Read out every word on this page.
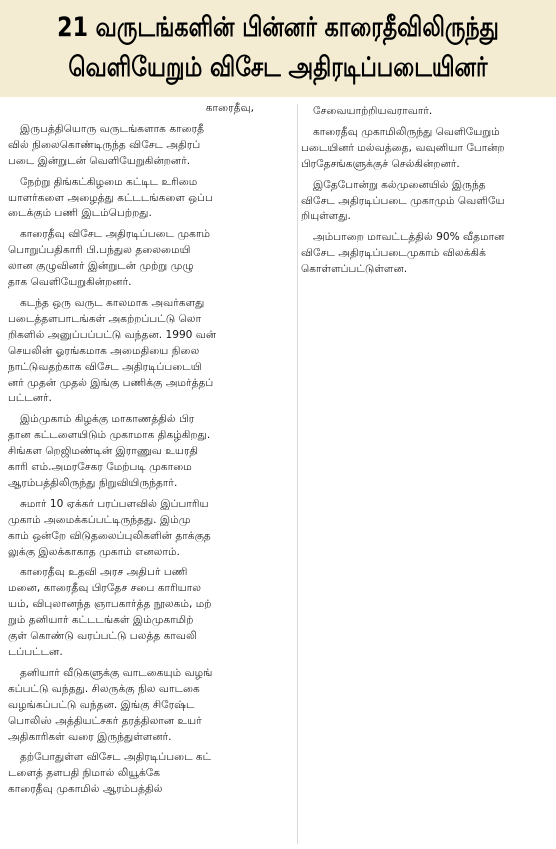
21 வருடங்களின் பின்னர் காரைதீவிலிருந்து
வெளியேறும் விசேட அதிரடிப்படையினர்

காரைதீவு,

இருபத்தியொரு வருடங்களாக காரைதீ
வில் நிலைகொண்டிருந்த விசேட அதிரப்
படை இன்றுடன் வெளியேறுகின்றனர்.

நேற்று திங்கட்கிழமை கட்டிட உரிமை
யாளர்களை அழைத்து கட்டடங்களை ஒப்ப
டைக்கும் பணி இடம்பெற்றது.

காரைதீவு விசேட அதிரடிப்படை முகாம்
பொறுப்பதிகாரி பி.பந்துல தலைமையி
லான குழுவினர் இன்றுடன் முற்று முழு
தாக வெளியேறுகின்றனர்.

கடந்த ஒரு வருட காலமாக அவர்களது
படைத்தளபாடங்கள் அகற்றப்பட்டு லொ
றிகளில் அனுப்பப்பட்டு வந்தன. 1990 வன்
செயலின் ஓரங்கமாக அமைதியை நிலை
நாட்டுவதற்காக விசேட அதிரடிப்படையி
னர் முதன் முதல் இங்கு பணிக்கு அமர்த்தப்
பட்டனர்.

இம்முகாம் கிழக்கு மாகாணத்தில் பிர
தான கட்டளையிடும் முகாமாக திகழ்கிறது.
சிங்கள றெஜிமண்டின் இராணுவ உயரதி
காரி எம்.அமரசேகர மேற்படி முகாமை
ஆரம்பத்திலிருந்து நிறுவியிருந்தார்.

சுமார் 10 ஏக்கர் பரப்பளவில் இப்பாரிய
முகாம் அமைக்கப்பட்டிருந்தது. இம்மு
காம் ஒன்றே விடுதலைப்புலிகளின் தாக்குத
லுக்கு இலக்காகாத முகாம் எனலாம்.

காரைதீவு உதவி அரச அதிபர் பணி
மனை, காரைதீவு பிரதேச சபை காரியால
யம், விபுலானந்த ஞாபகார்த்த நூலகம், மற்
றும் தனியார் கட்டடங்கள் இம்முகாமிற்
குள் கொண்டு வரப்பட்டு பலத்த காவலி
டப்பட்டன.

தனியார் வீடுகளுக்கு வாடகையும் வழங்
கப்பட்டு வந்தது. சிலருக்கு நில வாடகை
வழங்கப்பட்டு வந்தன. இங்கு சிரேஷ்ட
பொலிஸ் அத்தியட்சகர் தரத்திலான உயர்
அதிகாரிகள் வரை இருந்துள்ளனர்.

தற்போதுள்ள விசேட அதிரடிப்படை கட்
டளைத் தளபதி நிமால் லியூக்கே
காரைதீவு முகாமில் ஆரம்பத்தில்

சேவையாற்றியவராவார்.

காரைதீவு முகாமிலிருந்து வெளியேறும்
படையினர் மல்வத்தை, வவுனியா போன்ற
பிரதேசங்களுக்குச் செல்கின்றனர்.

இதேபோன்று கல்முனையில் இருந்த
விசேட அதிரடிப்படை முகாமும் வெளியே
றியுள்ளது.

அம்பாறை மாவட்டத்தில் 90% வீதமான
விசேட அதிரடிப்படைமுகாம் விலக்கிக்
கொள்ளப்பட்டுள்ளன.
